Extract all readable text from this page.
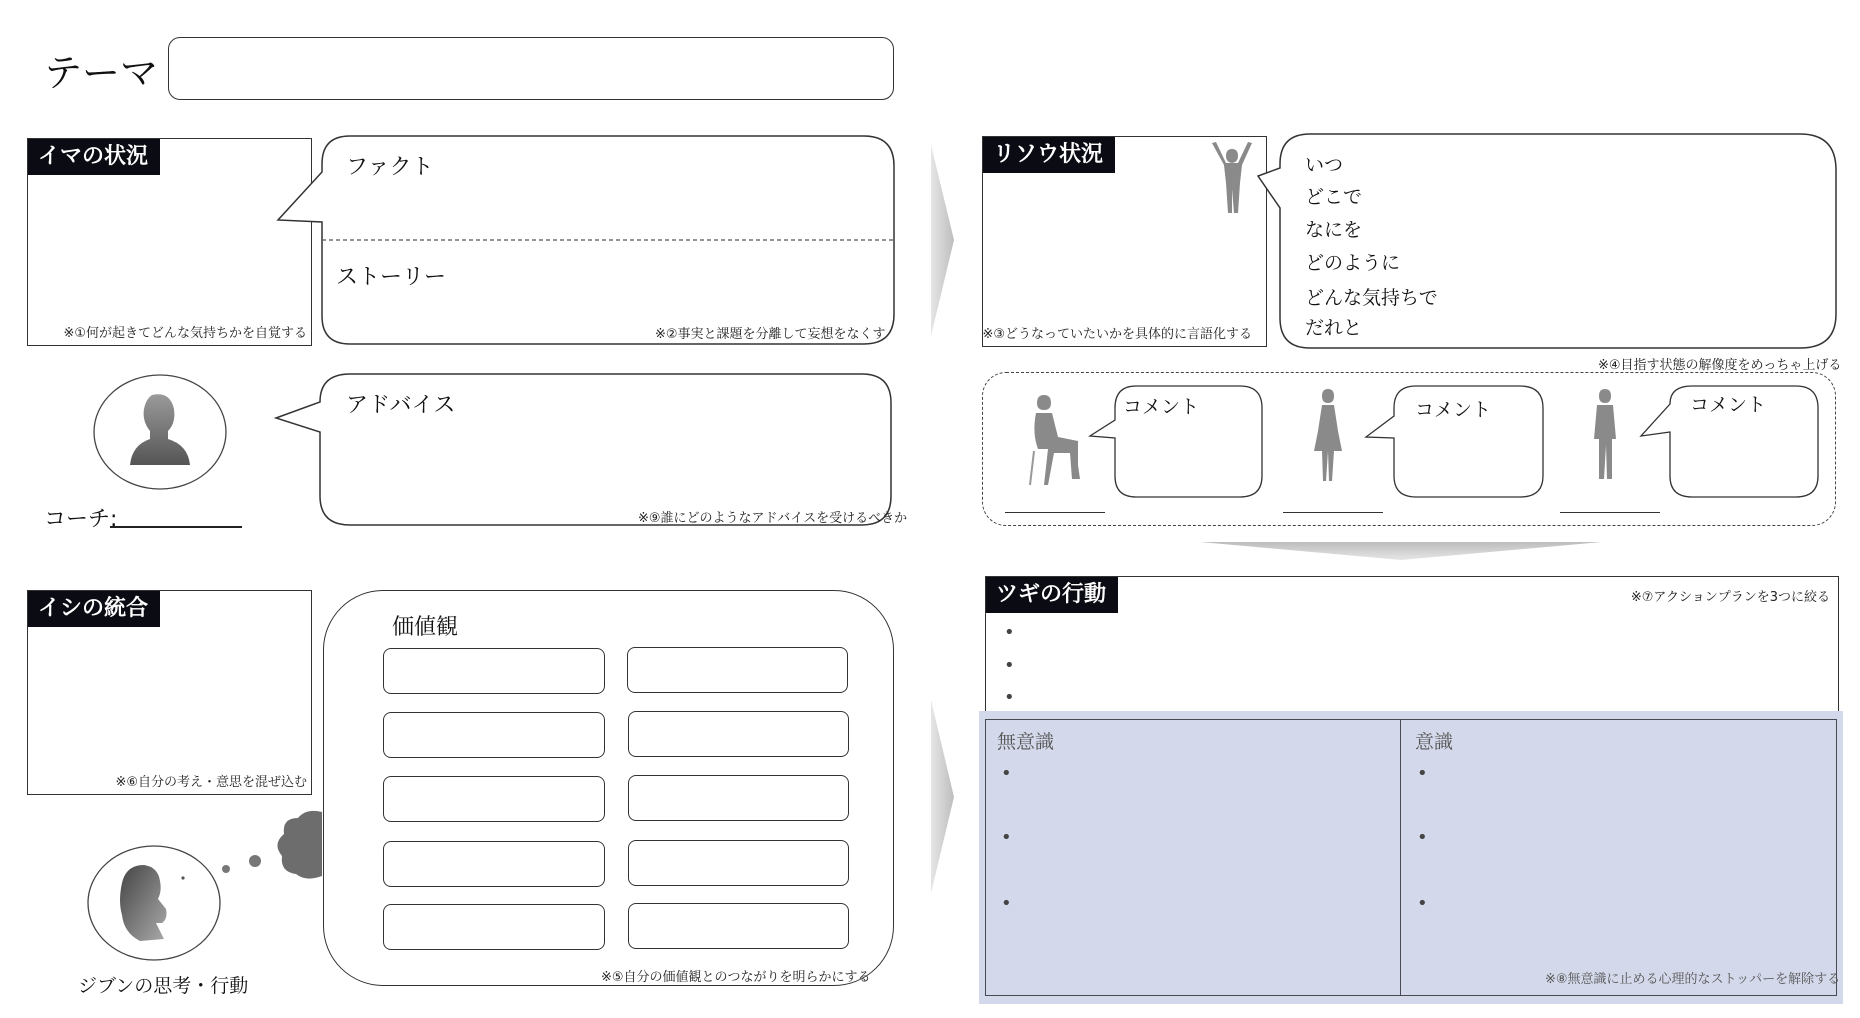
テーマ
イマの状況
※①何が起きてどんな気持ちかを自覚する
ファクト
ストーリー
※②事実と課題を分離して妄想をなくす
コーチ:
アドバイス
※⑨誰にどのようなアドバイスを受けるべきか
イシの統合
※⑥自分の考え・意思を混ぜ込む
ジブンの思考・行動
価値観
※⑤自分の価値観とのつながりを明らかにする
リソウ状況
※③どうなっていたいかを具体的に言語化する
いつ
どこで
なにを
どのように
どんな気持ちで
だれと
※④目指す状態の解像度をめっちゃ上げる
コメント	コメント	コメント
ツギの行動	※⑦アクションプランを3つに絞る
•
•
•
無意識
•
•
•
意識
•
•
•
※⑧無意識に止める心理的なストッパーを解除する
